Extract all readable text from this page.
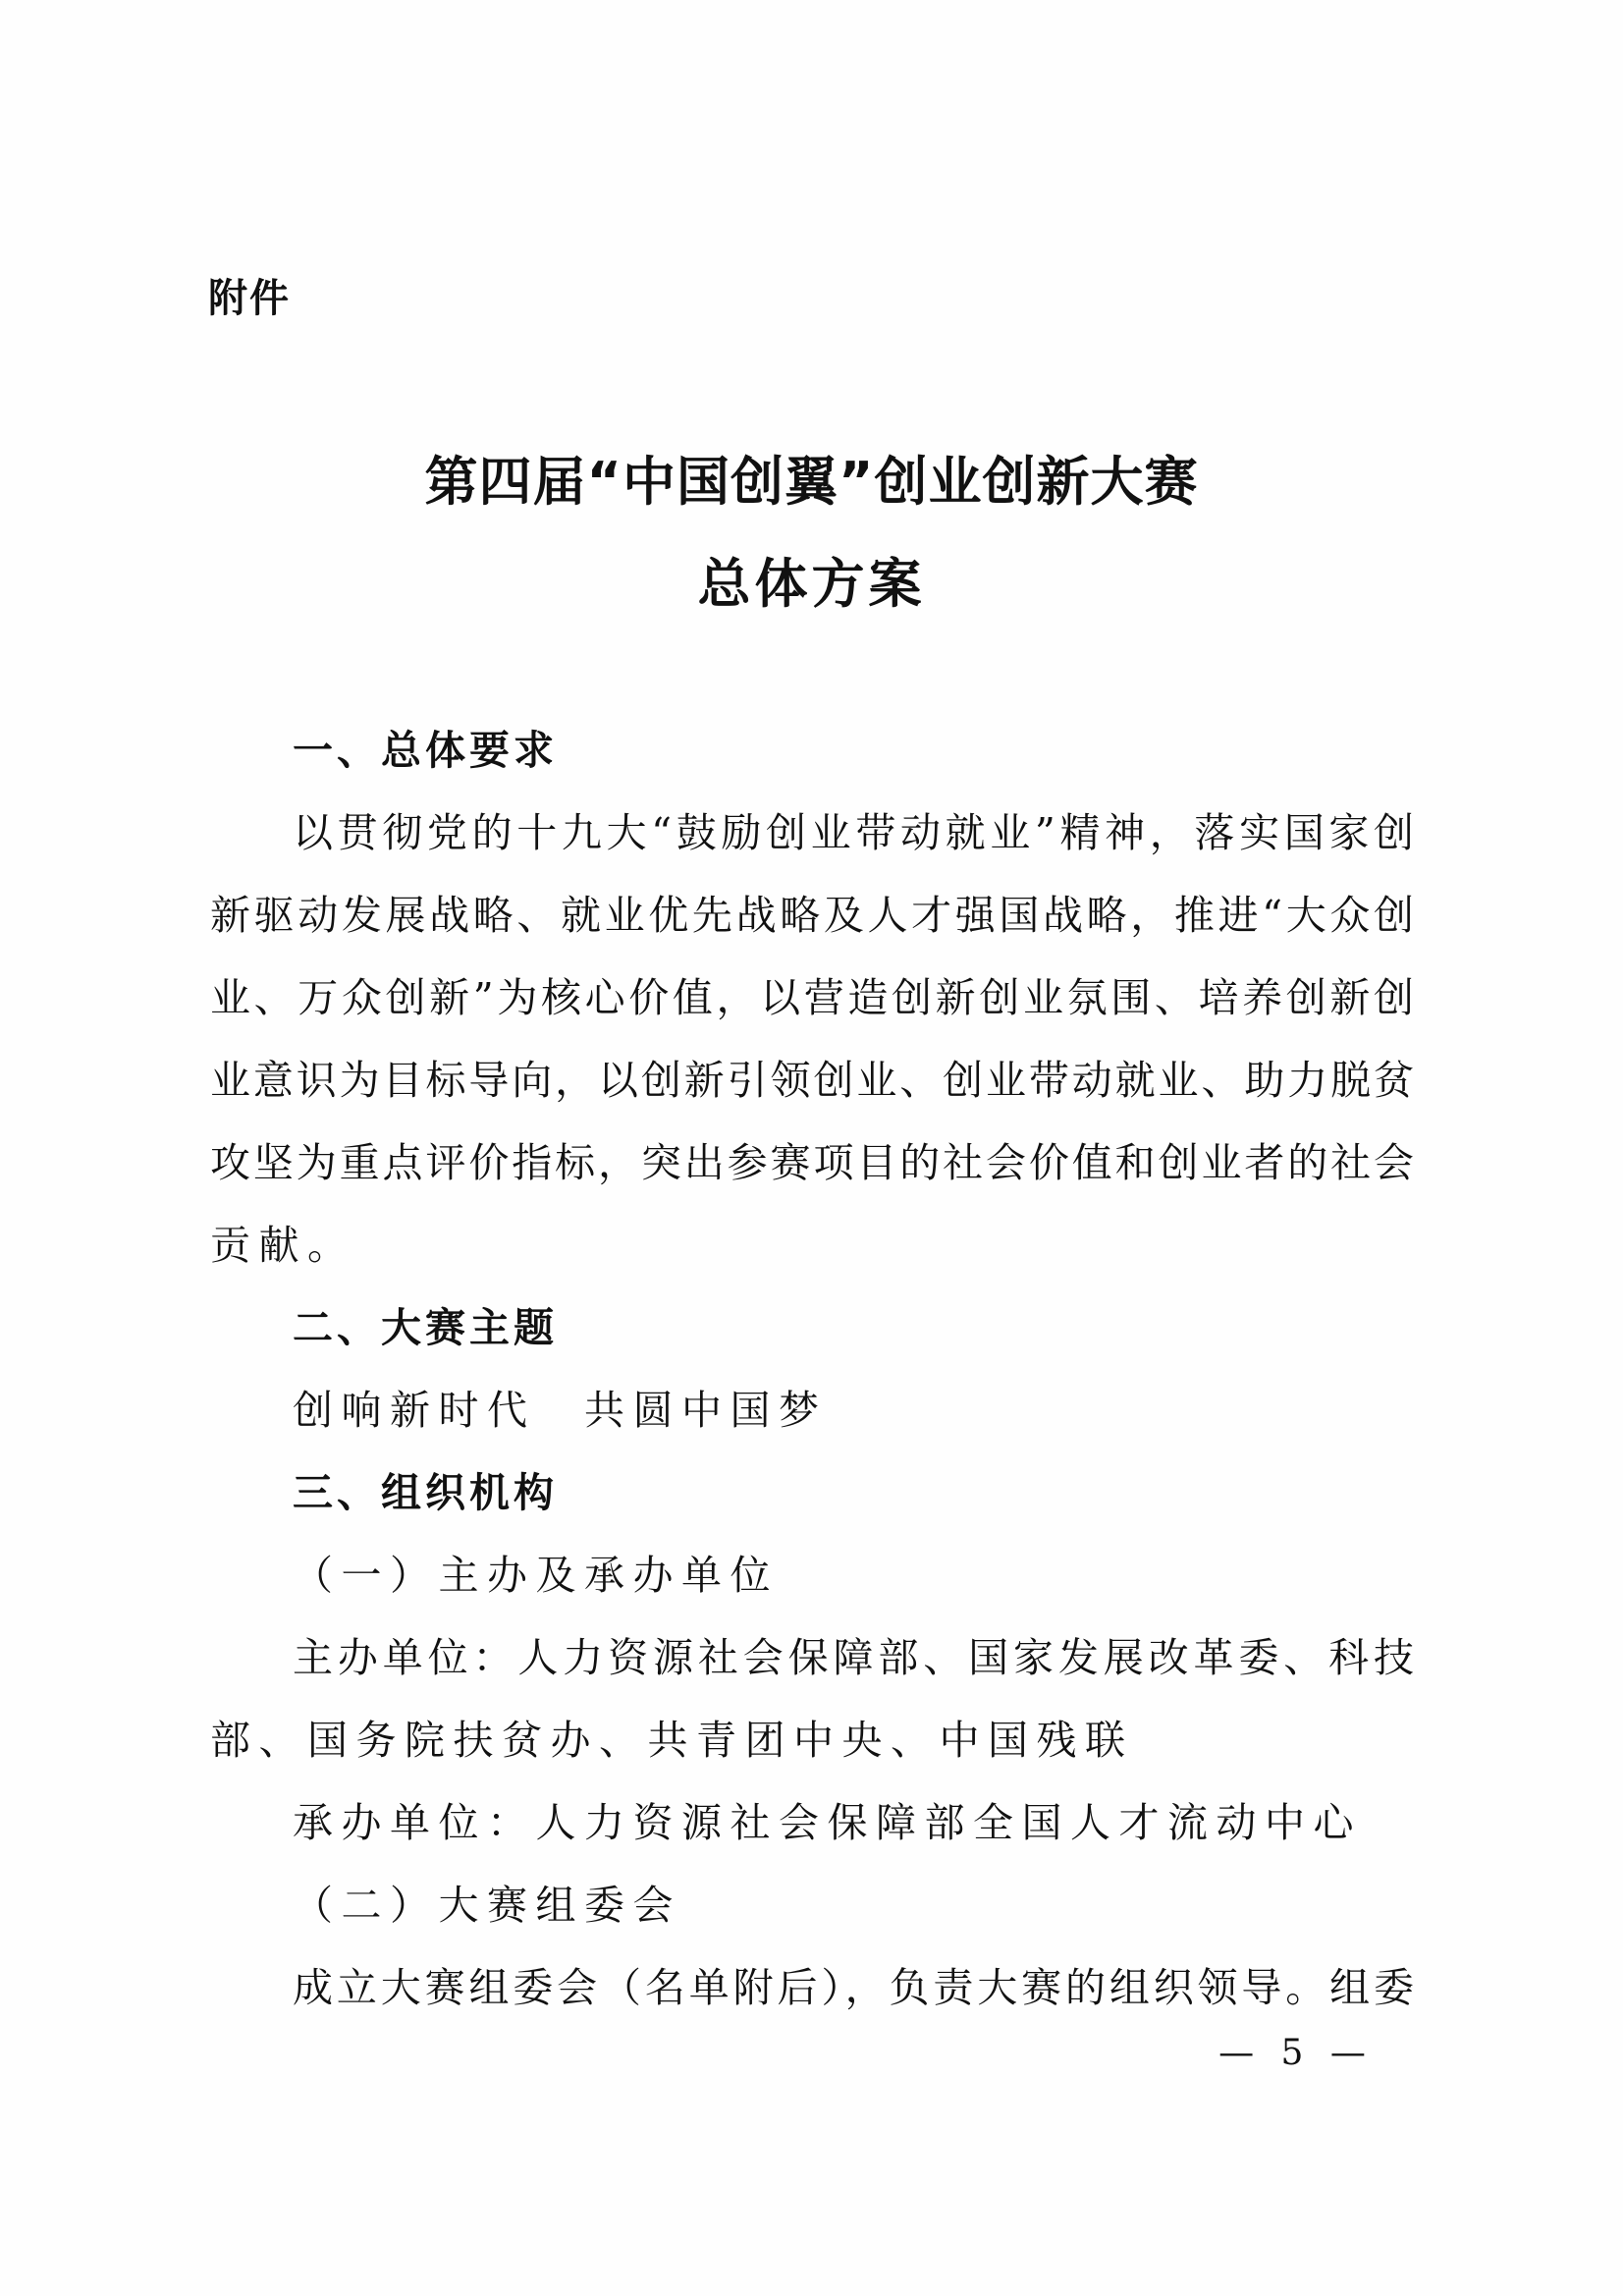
附件
第四届“中国创翼”创业创新大赛
总体方案
一、总体要求
以贯彻党的十九大“鼓励创业带动就业”精神，落实国家创
新驱动发展战略、就业优先战略及人才强国战略，推进“大众创
业、万众创新”为核心价值，以营造创新创业氛围、培养创新创
业意识为目标导向，以创新引领创业、创业带动就业、助力脱贫
攻坚为重点评价指标，突出参赛项目的社会价值和创业者的社会
贡献。
二、大赛主题
创响新时代　共圆中国梦
三、组织机构
（一）主办及承办单位
主办单位：人力资源社会保障部、国家发展改革委、科技
部、国务院扶贫办、共青团中央、中国残联
承办单位：人力资源社会保障部全国人才流动中心
（二）大赛组委会
成立大赛组委会（名单附后），负责大赛的组织领导。组委
— 5 —
